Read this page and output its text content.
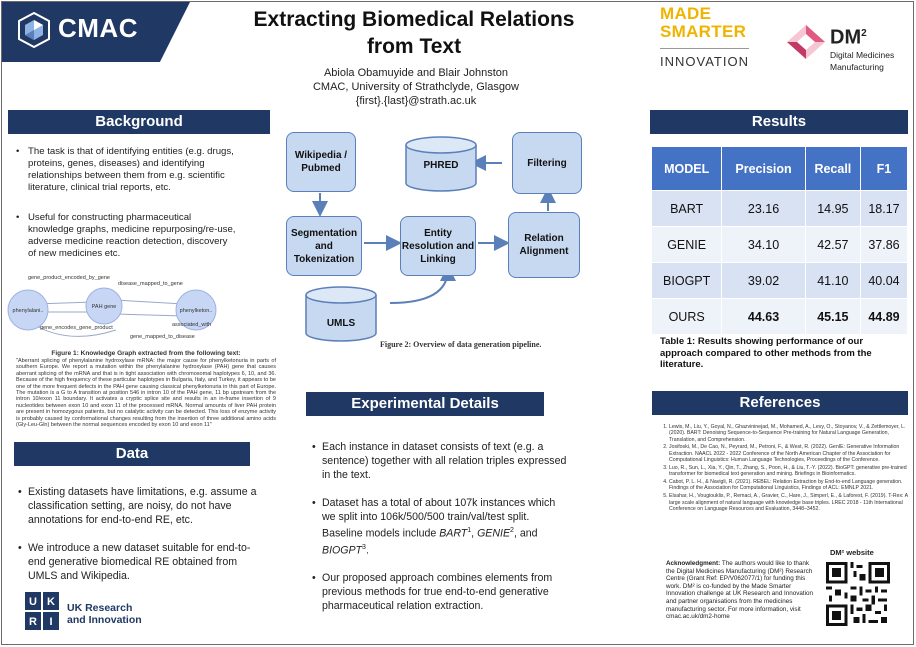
CMAC	Extracting Biomedical Relations
from Text
Abiola Obamuyide and Blair Johnston
CMAC, University of Strathclyde, Glasgow
{first}.{last}@strath.ac.uk
MADE
SMARTER
INNOVATION
$DM^2$
Digital Medicines
Manufacturing
Background

• The task is that of identifying entities (e.g. drugs, proteins, genes, diseases) and identifying relationships between them from e.g. scientific literature, clinical trial reports, etc.

• Useful for constructing pharmaceutical knowledge graphs, medicine repurposing/re-use, adverse medicine reaction detection, discovery of new medicines etc.

phenylalani..
PAH gene
phenylketon..
gene_product_encoded_by_gene
disease_mapped_to_gene
gene_encodes_gene_product
gene_mapped_to_disease
associated_with
Figure 1: Knowledge Graph extracted from the following text:
"Aberrant splicing of phenylalanine hydroxylase mRNA: the major cause for phenylketonuria in parts of southern Europe. We report a mutation within the phenylalanine hydroxylase (PAH) gene that causes aberrant splicing of the mRNA and that is in tight association with chromosomal haplotypes 6, 10, and 36. Because of the high frequency of these particular haplotypes in Bulgaria, Italy, and Turkey, it appears to be one of the more frequent defects in the PAH gene causing classical phenylketonuria in this part of Europe. The mutation is a G to A transition at position 546 in intron 10 of the PAH gene, 11 bp upstream from the intron 10/exon 11 boundary. It activates a cryptic splice site and results in an in-frame insertion of 9 nucleotides between exon 10 and exon 11 of the processed mRNA. Normal amounts of liver PAH protein are present in homozygous patients, but no catalytic activity can be detected. This loss of enzyme activity is probably caused by conformational changes resulting from the insertion of three additional amino acids (Gly-Leu-Gln) between the normal sequences encoded by exon 10 and exon 11"
Data

• Existing datasets have limitations, e.g. assume a classification setting, are noisy, do not have annotations for end-to-end RE, etc.

• We introduce a new dataset suitable for end-to-end generative biomedical RE obtained from UMLS and Wikipedia.

U K
R I
UK Research
and Innovation
Wikipedia / Pubmed
Segmentation and Tokenization
Entity Resolution and Linking
Relation Alignment
Filtering
PHRED
UMLS
Figure 2: Overview of data generation pipeline.
Experimental Details

• Each instance in dataset consists of text (e.g. a sentence) together with all relation triples expressed in the text.

• Dataset has a total of about 107k instances which we split into 106k/500/500 train/val/test split. Baseline models include BART$^1$, GENIE$^2$, and BIOGPT$^3$.

• Our proposed approach combines elements from previous methods for true end-to-end generative pharmaceutical relation extraction.

Results
MODEL	Precision	Recall	F1
BART	23.16	14.95	18.17
GENIE	34.10	42.57	37.86
BIOGPT	39.02	41.10	40.04
OURS	44.63	45.15	44.89
Table 1: Results showing performance of our approach compared to other methods from the literature.
References
1. Lewis, M., Liu, Y., Goyal, N., Ghazvininejad, M., Mohamed, A., Levy, O., Stoyanov, V., & Zettlemoyer, L. (2020). BART: Denoising Sequence-to-Sequence Pre-training for Natural Language Generation, Translation, and Comprehension.
2. Josifoski, M., De Cao, N., Peyrard, M., Petroni, F., & West, R. (2022). GenIE: Generative Information Extraction. NAACL 2022 - 2022 Conference of the North American Chapter of the Association for Computational Linguistics: Human Language Technologies, Proceedings of the Conference.
3. Luo, R., Sun, L., Xia, Y., Qin, T., Zhang, S., Poon, H., & Liu, T.-Y. (2022). BioGPT: generative pre-trained transformer for biomedical text generation and mining. Briefings in Bioinformatics.
4. Cabot, P. L. H., & Navigli, R. (2021). REBEL: Relation Extraction by End-to-end Language generation. Findings of the Association for Computational Linguistics, Findings of ACL: EMNLP 2021.
5. Elsahar, H., Vougiouklis, P., Remaci, A., Gravier, C., Hare, J., Simperl, E., & Laforest, F. (2019). T-Rex: A large scale alignment of natural language with knowledge base triples. LREC 2018 - 11th International Conference on Language Resources and Evaluation, 3448–3452.
Acknowledgment: The authors would like to thank the Digital Medicines Manufacturing (DM²) Research Centre (Grant Ref: EP/V062077/1) for funding this work. DM² is co-funded by the Made Smarter Innovation challenge at UK Research and Innovation and partner organisations from the medicines manufacturing sector. For more information, visit cmac.ac.uk/dm2-home
DM² website
